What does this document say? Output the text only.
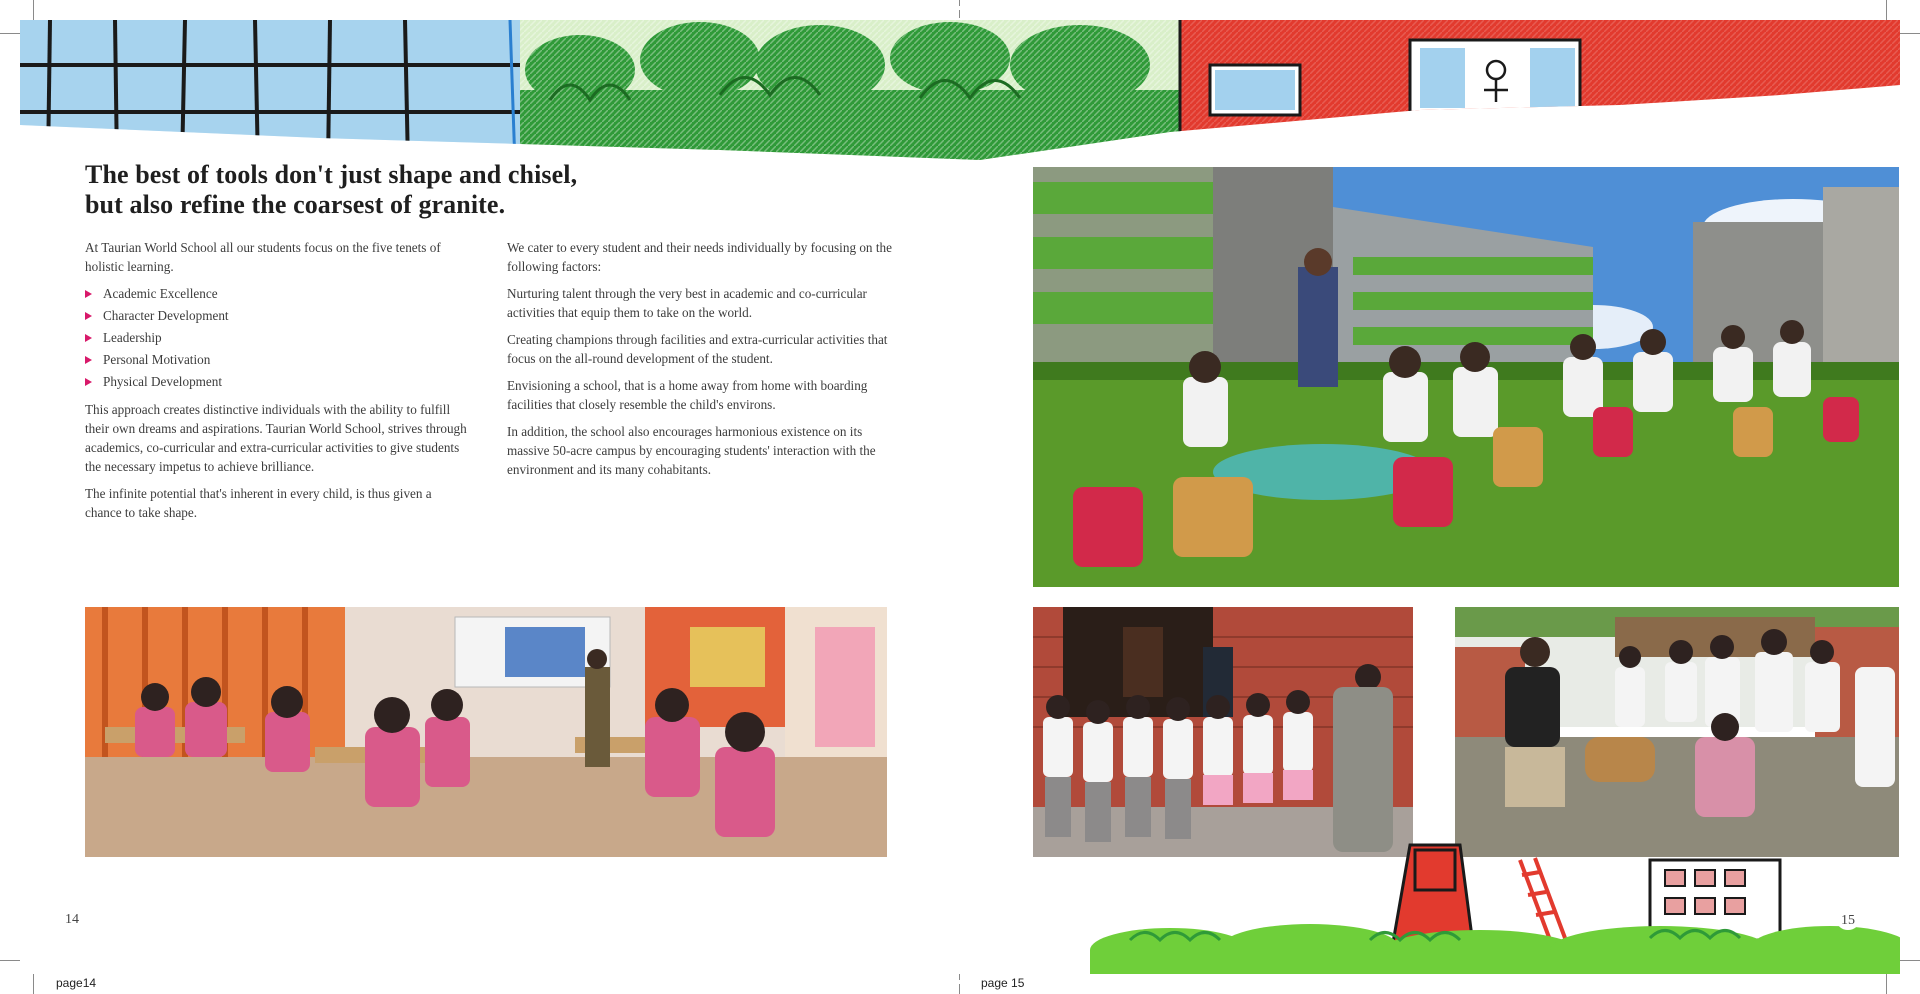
The best of tools don't just shape and chisel,
but also refine the coarsest of granite.

At Taurian World School all our students focus on the five tenets of holistic learning.

Academic Excellence
Character Development
Leadership
Personal Motivation
Physical Development

This approach creates distinctive individuals with the ability to fulfill their own dreams and aspirations. Taurian World School, strives through academics, co-curricular and extra-curricular activities to give students the necessary impetus to achieve brilliance.

The infinite potential that's inherent in every child, is thus given a chance to take shape.

We cater to every student and their needs individually by focusing on the following factors:

Nurturing talent through the very best in academic and co-curricular activities that equip them to take on the world.

Creating champions through facilities and extra-curricular activities that focus on the all-round development of the student.

Envisioning a school, that is a home away from home with boarding facilities that closely resemble the child's environs.

In addition, the school also encourages harmonious existence on its massive 50-acre campus by encouraging students' interaction with the environment and its many cohabitants.

14	15
page14	page 15
